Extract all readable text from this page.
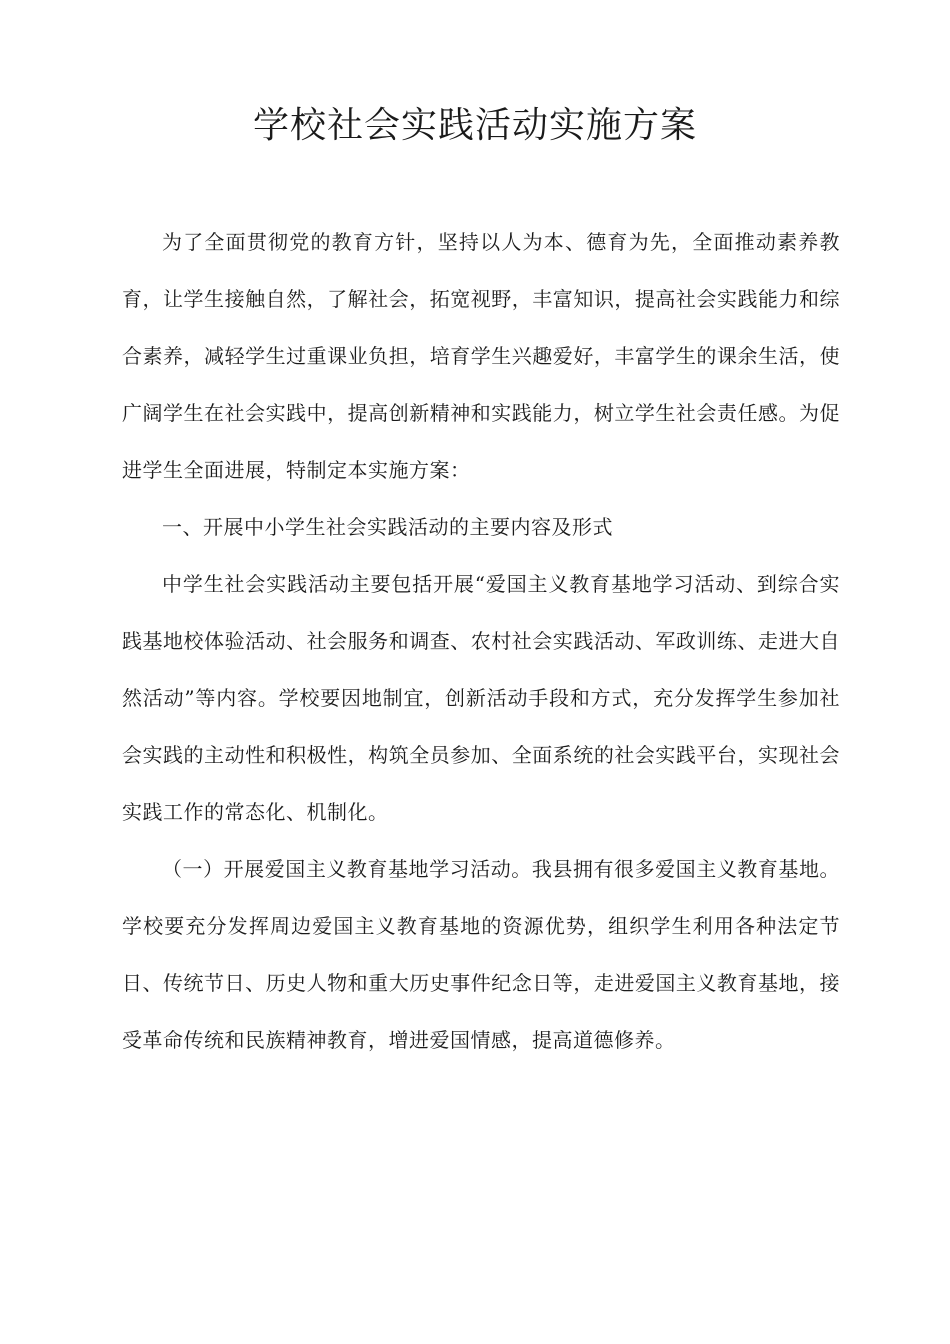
学校社会实践活动实施方案

为了全面贯彻党的教育方针，坚持以人为本、德育为先，全面推动素养教育，让学生接触自然，了解社会，拓宽视野，丰富知识，提高社会实践能力和综合素养，减轻学生过重课业负担，培育学生兴趣爱好，丰富学生的课余生活，使广阔学生在社会实践中，提高创新精神和实践能力，树立学生社会责任感。为促进学生全面进展，特制定本实施方案：

一、开展中小学生社会实践活动的主要内容及形式

中学生社会实践活动主要包括开展“爱国主义教育基地学习活动、到综合实践基地校体验活动、社会服务和调查、农村社会实践活动、军政训练、走进大自然活动”等内容。学校要因地制宜，创新活动手段和方式，充分发挥学生参加社会实践的主动性和积极性，构筑全员参加、全面系统的社会实践平台，实现社会实践工作的常态化、机制化。

（一）开展爱国主义教育基地学习活动。我县拥有很多爱国主义教育基地。学校要充分发挥周边爱国主义教育基地的资源优势，组织学生利用各种法定节日、传统节日、历史人物和重大历史事件纪念日等，走进爱国主义教育基地，接受革命传统和民族精神教育，增进爱国情感，提高道德修养。
